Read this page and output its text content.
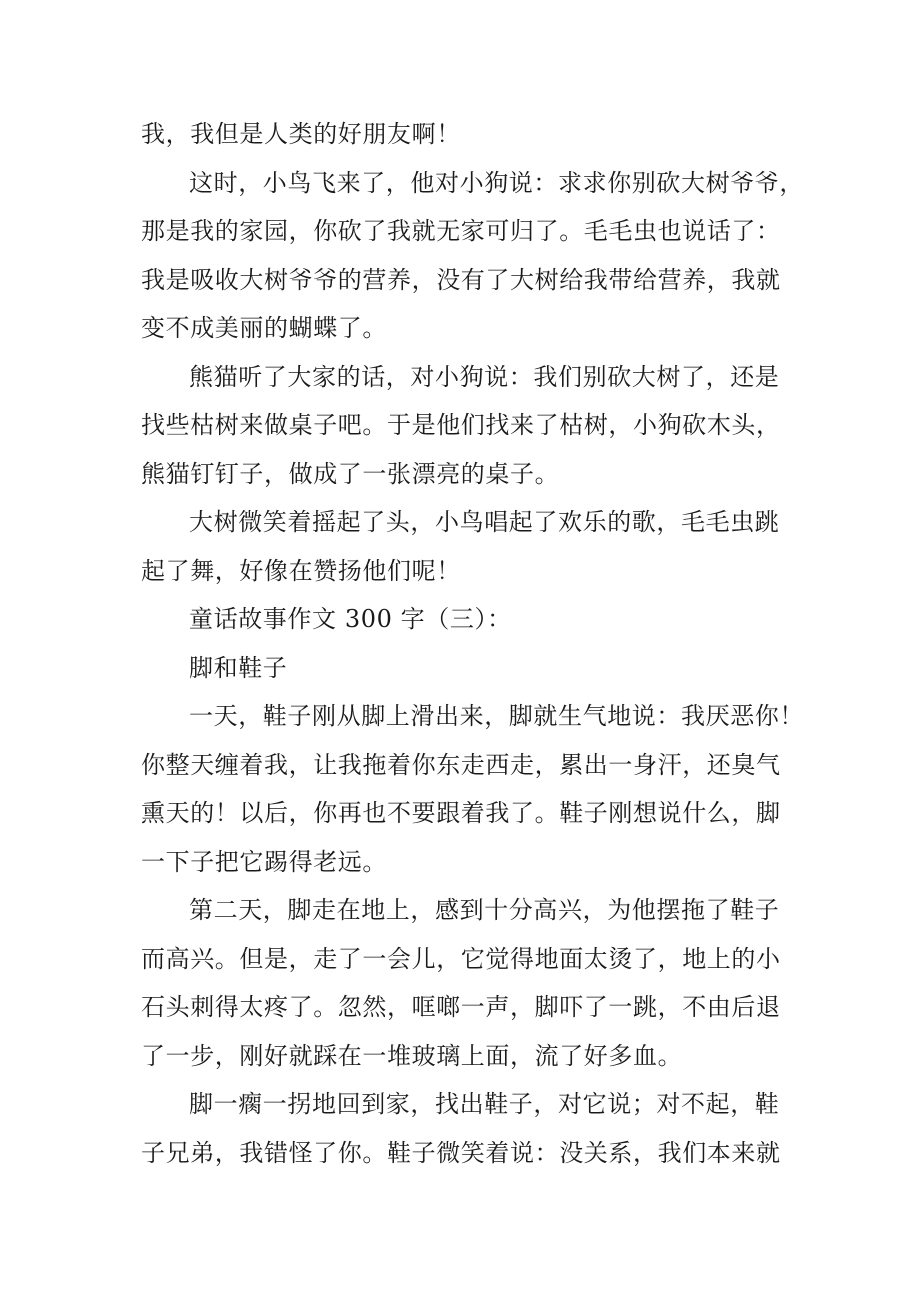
我，我但是人类的好朋友啊！
这时，小鸟飞来了，他对小狗说：求求你别砍大树爷爷，
那是我的家园，你砍了我就无家可归了。毛毛虫也说话了：
我是吸收大树爷爷的营养，没有了大树给我带给营养，我就
变不成美丽的蝴蝶了。
熊猫听了大家的话，对小狗说：我们别砍大树了，还是
找些枯树来做桌子吧。于是他们找来了枯树，小狗砍木头，
熊猫钉钉子，做成了一张漂亮的桌子。
大树微笑着摇起了头，小鸟唱起了欢乐的歌，毛毛虫跳
起了舞，好像在赞扬他们呢！
童话故事作文 300 字（三）：
脚和鞋子
一天，鞋子刚从脚上滑出来，脚就生气地说：我厌恶你！
你整天缠着我，让我拖着你东走西走，累出一身汗，还臭气
熏天的！以后，你再也不要跟着我了。鞋子刚想说什么，脚
一下子把它踢得老远。
第二天，脚走在地上，感到十分高兴，为他摆拖了鞋子
而高兴。但是，走了一会儿，它觉得地面太烫了，地上的小
石头刺得太疼了。忽然，哐啷一声，脚吓了一跳，不由后退
了一步，刚好就踩在一堆玻璃上面，流了好多血。
脚一瘸一拐地回到家，找出鞋子，对它说；对不起，鞋
子兄弟，我错怪了你。鞋子微笑着说：没关系，我们本来就
